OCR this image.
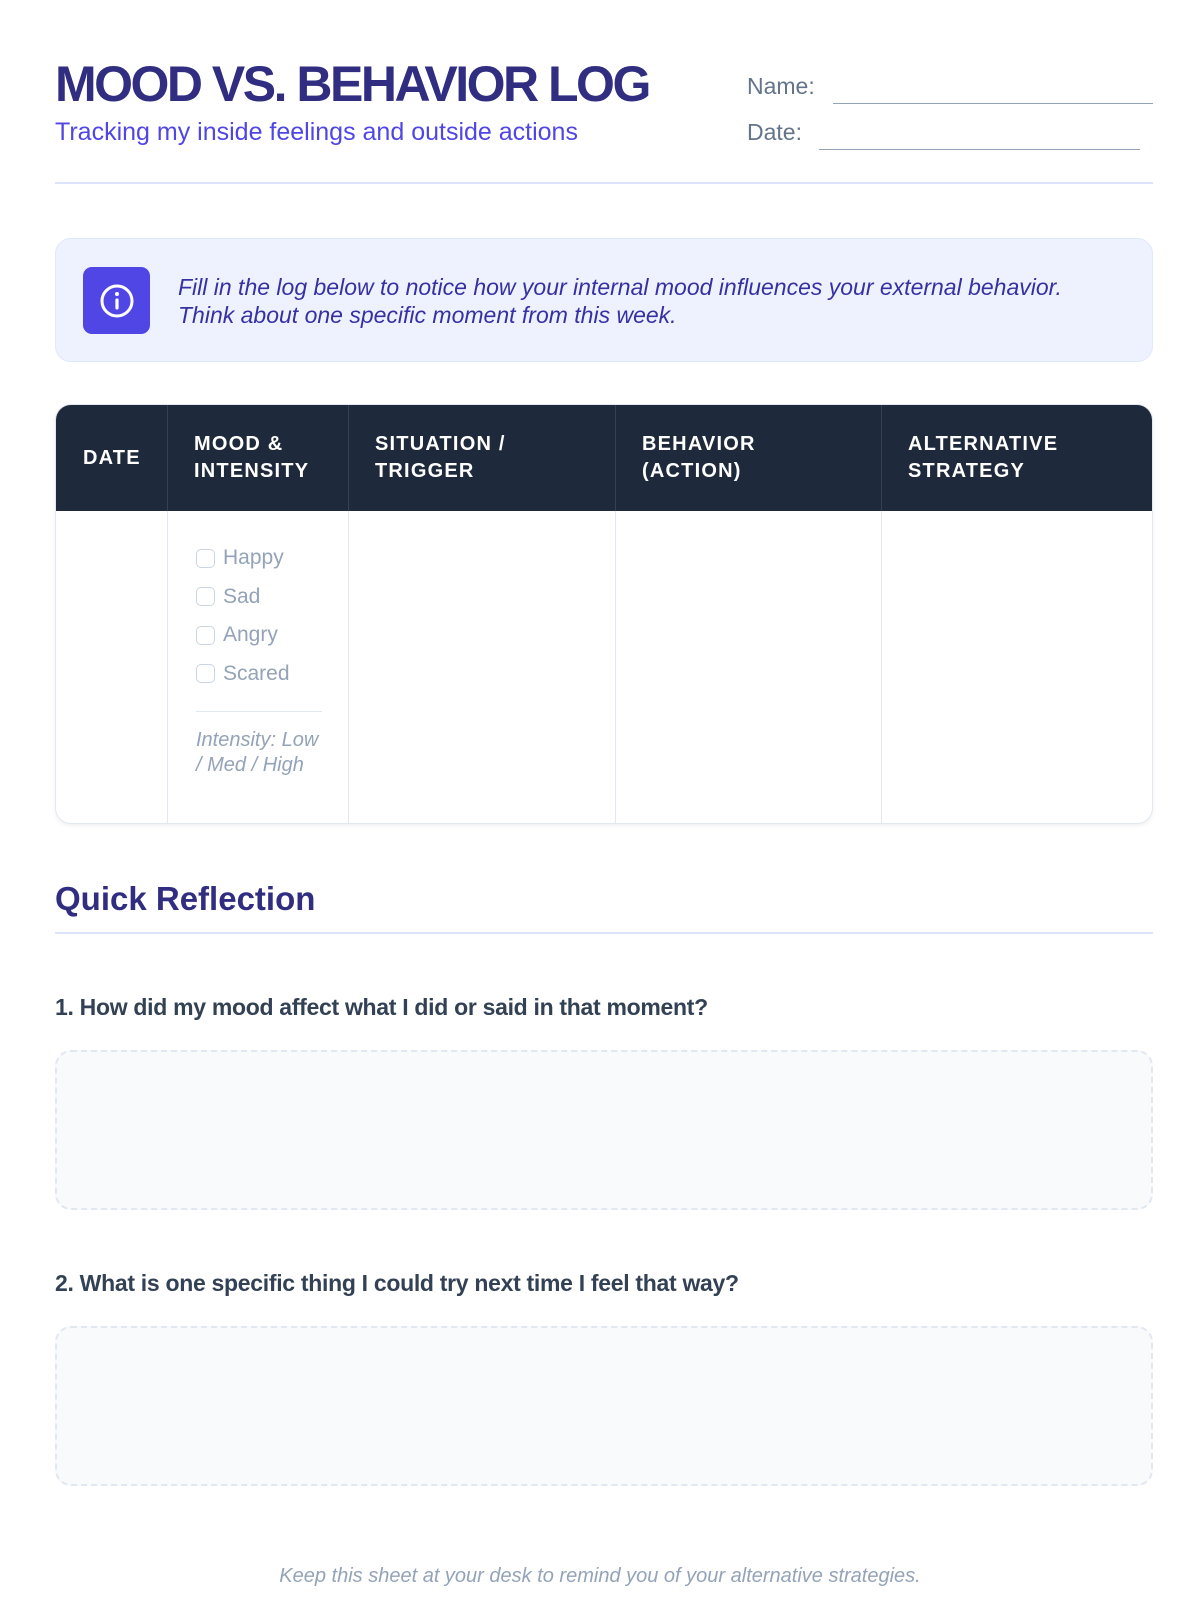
MOOD VS. BEHAVIOR LOG
Tracking my inside feelings and outside actions
Name:
Date:
Fill in the log below to notice how your internal mood influences your external behavior. Think about one specific moment from this week.
DATE
MOOD &
INTENSITY
SITUATION /
TRIGGER
BEHAVIOR
(ACTION)
ALTERNATIVE
STRATEGY
Happy
Sad
Angry
Scared
Intensity: Low / Med / High
Quick Reflection
1. How did my mood affect what I did or said in that moment?
2. What is one specific thing I could try next time I feel that way?
Keep this sheet at your desk to remind you of your alternative strategies.
